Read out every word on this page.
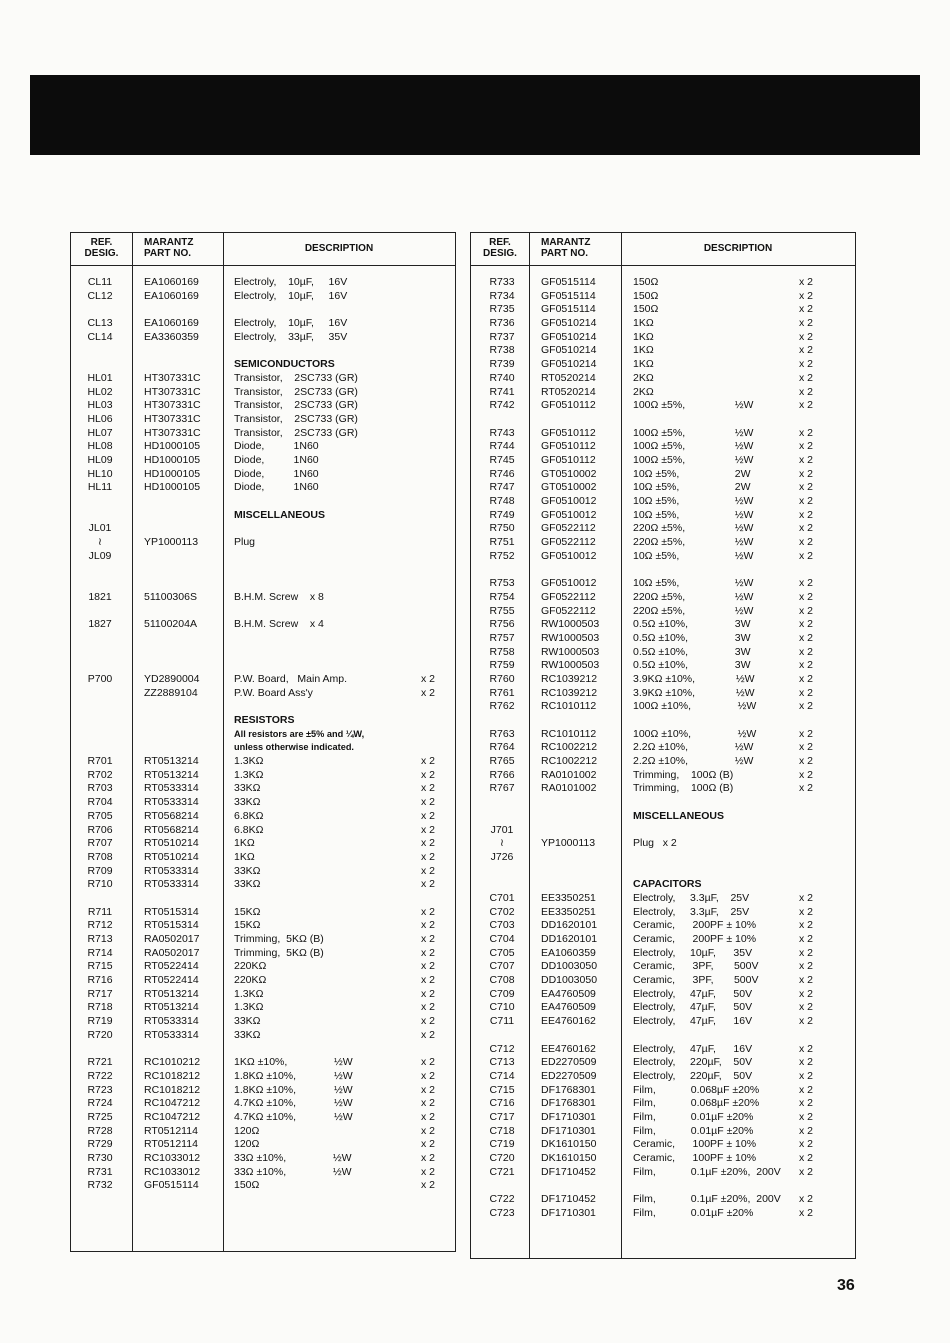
REF.
DESIG.
MARANTZ
PART NO.	DESCRIPTION
CL11	EA1060169	Electroly,    10µF,     16V
CL12	EA1060169	Electroly,    10µF,     16V
CL13	EA1060169	Electroly,    10µF,     16V
CL14	EA3360359	Electroly,    33µF,     35V
SEMICONDUCTORS
HL01	HT307331C	Transistor,    2SC733 (GR)
HL02	HT307331C	Transistor,    2SC733 (GR)
HL03	HT307331C	Transistor,    2SC733 (GR)
HL06	HT307331C	Transistor,    2SC733 (GR)
HL07	HT307331C	Transistor,    2SC733 (GR)
HL08	HD1000105	Diode,          1N60
HL09	HD1000105	Diode,          1N60
HL10	HD1000105	Diode,          1N60
HL11	HD1000105	Diode,          1N60
MISCELLANEOUS
JL01
≀	YP1000113	Plug
JL09
1821	51100306S	B.H.M. Screw    x 8
1827	51100204A	B.H.M. Screw    x 4
P700	YD2890004	P.W. Board,   Main Amp.	x 2
ZZ2889104	P.W. Board Ass'y	x 2
RESISTORS
All resistors are ±5% and ¼W,
unless otherwise indicated.
R701	RT0513214	1.3KΩ	x 2
R702	RT0513214	1.3KΩ	x 2
R703	RT0533314	33KΩ	x 2
R704	RT0533314	33KΩ	x 2
R705	RT0568214	6.8KΩ	x 2
R706	RT0568214	6.8KΩ	x 2
R707	RT0510214	1KΩ	x 2
R708	RT0510214	1KΩ	x 2
R709	RT0533314	33KΩ	x 2
R710	RT0533314	33KΩ	x 2
R711	RT0515314	15KΩ	x 2
R712	RT0515314	15KΩ	x 2
R713	RA0502017	Trimming,  5KΩ (B)	x 2
R714	RA0502017	Trimming,  5KΩ (B)	x 2
R715	RT0522414	220KΩ	x 2
R716	RT0522414	220KΩ	x 2
R717	RT0513214	1.3KΩ	x 2
R718	RT0513214	1.3KΩ	x 2
R719	RT0533314	33KΩ	x 2
R720	RT0533314	33KΩ	x 2
R721	RC1010212	1KΩ ±10%,                ½W	x 2
R722	RC1018212	1.8KΩ ±10%,             ½W	x 2
R723	RC1018212	1.8KΩ ±10%,             ½W	x 2
R724	RC1047212	4.7KΩ ±10%,             ½W	x 2
R725	RC1047212	4.7KΩ ±10%,             ½W	x 2
R728	RT0512114	120Ω	x 2
R729	RT0512114	120Ω	x 2
R730	RC1033012	33Ω ±10%,                ½W	x 2
R731	RC1033012	33Ω ±10%,                ½W	x 2
R732	GF0515114	150Ω	x 2
REF.
DESIG.
MARANTZ
PART NO.	DESCRIPTION
R733	GF0515114	150Ω	x 2
R734	GF0515114	150Ω	x 2
R735	GF0515114	150Ω	x 2
R736	GF0510214	1KΩ	x 2
R737	GF0510214	1KΩ	x 2
R738	GF0510214	1KΩ	x 2
R739	GF0510214	1KΩ	x 2
R740	RT0520214	2KΩ	x 2
R741	RT0520214	2KΩ	x 2
R742	GF0510112	100Ω ±5%,                 ½W	x 2
R743	GF0510112	100Ω ±5%,                 ½W	x 2
R744	GF0510112	100Ω ±5%,                 ½W	x 2
R745	GF0510112	100Ω ±5%,                 ½W	x 2
R746	GT0510002	10Ω ±5%,                   2W	x 2
R747	GT0510002	10Ω ±5%,                   2W	x 2
R748	GF0510012	10Ω ±5%,                   ½W	x 2
R749	GF0510012	10Ω ±5%,                   ½W	x 2
R750	GF0522112	220Ω ±5%,                 ½W	x 2
R751	GF0522112	220Ω ±5%,                 ½W	x 2
R752	GF0510012	10Ω ±5%,                   ½W	x 2
R753	GF0510012	10Ω ±5%,                   ½W	x 2
R754	GF0522112	220Ω ±5%,                 ½W	x 2
R755	GF0522112	220Ω ±5%,                 ½W	x 2
R756	RW1000503	0.5Ω ±10%,                3W	x 2
R757	RW1000503	0.5Ω ±10%,                3W	x 2
R758	RW1000503	0.5Ω ±10%,                3W	x 2
R759	RW1000503	0.5Ω ±10%,                3W	x 2
R760	RC1039212	3.9KΩ ±10%,              ½W	x 2
R761	RC1039212	3.9KΩ ±10%,              ½W	x 2
R762	RC1010112	100Ω ±10%,                ½W	x 2
R763	RC1010112	100Ω ±10%,                ½W	x 2
R764	RC1002212	2.2Ω ±10%,                ½W	x 2
R765	RC1002212	2.2Ω ±10%,                ½W	x 2
R766	RA0101002	Trimming,    100Ω (B)	x 2
R767	RA0101002	Trimming,    100Ω (B)	x 2
MISCELLANEOUS
J701
≀	YP1000113	Plug   x 2
J726
CAPACITORS
C701	EE3350251	Electroly,     3.3µF,    25V	x 2
C702	EE3350251	Electroly,     3.3µF,    25V	x 2
C703	DD1620101	Ceramic,      200PF ± 10%	x 2
C704	DD1620101	Ceramic,      200PF ± 10%	x 2
C705	EA1060359	Electroly,     10µF,      35V	x 2
C707	DD1003050	Ceramic,      3PF,       500V	x 2
C708	DD1003050	Ceramic,      3PF,       500V	x 2
C709	EA4760509	Electroly,     47µF,      50V	x 2
C710	EA4760509	Electroly,     47µF,      50V	x 2
C711	EE4760162	Electroly,     47µF,      16V	x 2
C712	EE4760162	Electroly,     47µF,      16V	x 2
C713	ED2270509	Electroly,     220µF,    50V	x 2
C714	ED2270509	Electroly,     220µF,    50V	x 2
C715	DF1768301	Film,            0.068µF ±20%	x 2
C716	DF1768301	Film,            0.068µF ±20%	x 2
C717	DF1710301	Film,            0.01µF ±20%	x 2
C718	DF1710301	Film,            0.01µF ±20%	x 2
C719	DK1610150	Ceramic,      100PF ± 10%	x 2
C720	DK1610150	Ceramic,      100PF ± 10%	x 2
C721	DF1710452	Film,            0.1µF ±20%,  200V	x 2
C722	DF1710452	Film,            0.1µF ±20%,  200V	x 2
C723	DF1710301	Film,            0.01µF ±20%	x 2
36
